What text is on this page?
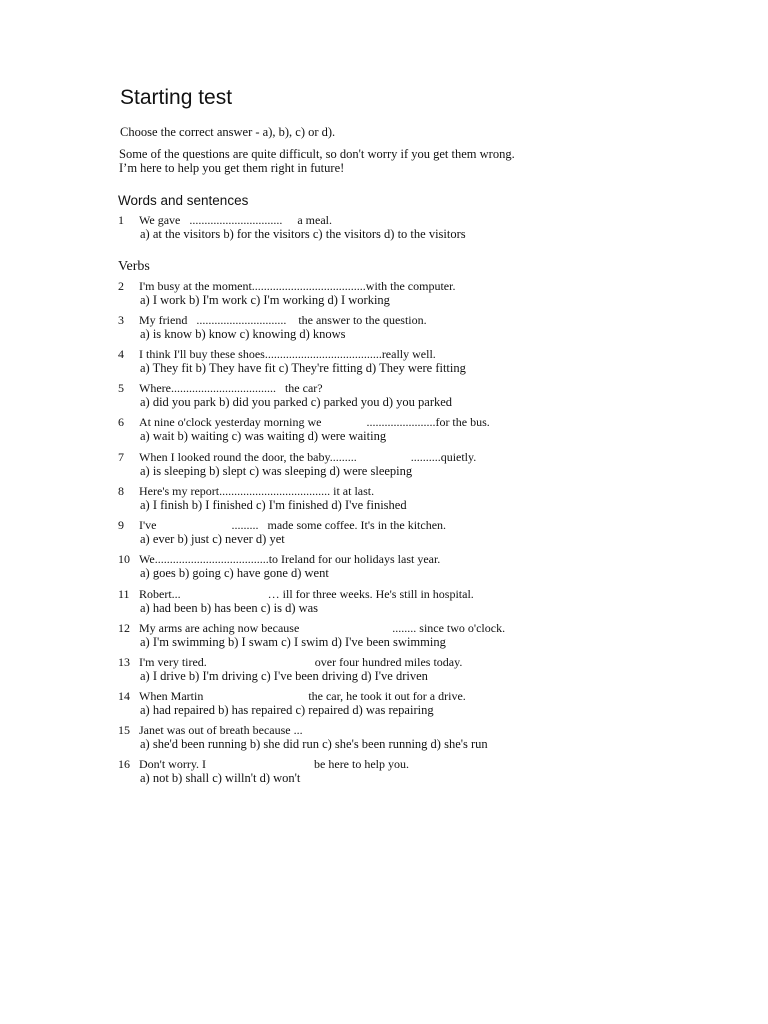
Starting test
Choose the correct answer - a), b), c) or d).
Some of the questions are quite difficult, so don't worry if you get them wrong.
I’m here to help you get them right in future!
Words and sentences
1 We gave   ...............................     a meal.
a) at the visitors b) for the visitors c) the visitors d) to the visitors
Verbs
2 I'm busy at the moment......................................with the computer.
a) I work b) I'm work c) I'm working d) I working
3 My friend   ..............................    the answer to the question.
a) is know b) know c) knowing d) knows
4 I think I'll buy these shoes.......................................really well.
a) They fit b) They have fit c) They're fitting d) They were fitting
5 Where...................................   the car?
a) did you park b) did you parked c) parked you d) you parked
6 At nine o'clock yesterday morning we               .......................for the bus.
a) wait b) waiting c) was waiting d) were waiting
7 When I looked round the door, the baby.........                  ..........quietly.
a) is sleeping b) slept c) was sleeping d) were sleeping
8 Here's my report..................................... it at last.
a) I finish b) I finished c) I'm finished d) I've finished
9 I've                         .........   made some coffee. It's in the kitchen.
a) ever b) just c) never d) yet
10 We......................................to Ireland for our holidays last year.
a) goes b) going c) have gone d) went
11 Robert...                             … ill for three weeks. He's still in hospital.
a) had been b) has been c) is d) was
12 My arms are aching now because                               ........ since two o'clock.
a) I'm swimming b) I swam c) I swim d) I've been swimming
13 I'm very tired.                                    over four hundred miles today.
a) I drive b) I'm driving c) I've been driving d) I've driven
14 When Martin                                   the car, he took it out for a drive.
a) had repaired b) has repaired c) repaired d) was repairing
15 Janet was out of breath because ...
a) she'd been running b) she did run c) she's been running d) she's run
16 Don't worry. I                                    be here to help you.
a) not b) shall c) willn't d) won't
